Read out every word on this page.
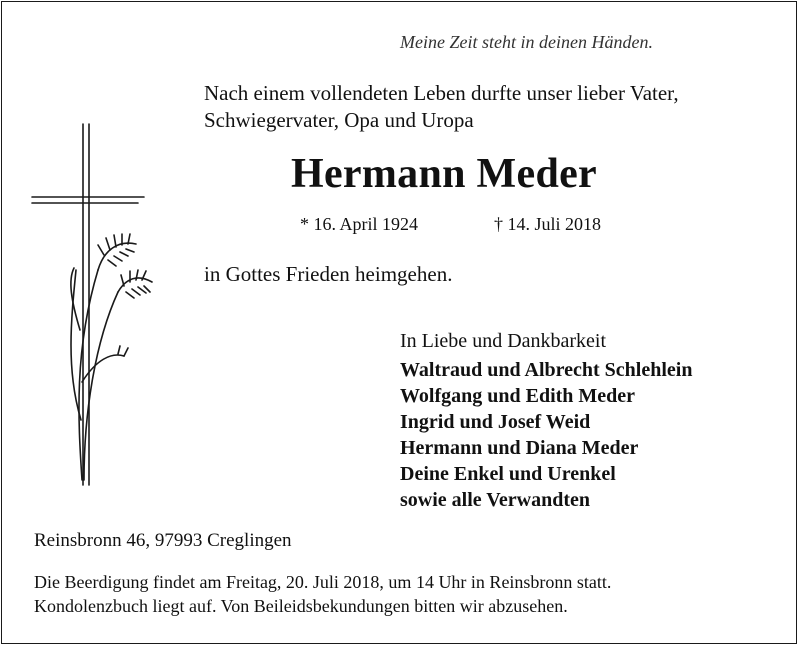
Meine Zeit steht in deinen Händen.
Nach einem vollendeten Leben durfte unser lieber Vater,
Schwiegervater, Opa und Uropa
Hermann Meder
* 16. April 1924	† 14. Juli 2018
in Gottes Frieden heimgehen.
In Liebe und Dankbarkeit
Waltraud und Albrecht Schlehlein
Wolfgang und Edith Meder
Ingrid und Josef Weid
Hermann und Diana Meder
Deine Enkel und Urenkel
sowie alle Verwandten
Reinsbronn 46, 97993 Creglingen
Die Beerdigung findet am Freitag, 20. Juli 2018, um 14 Uhr in Reinsbronn statt.
Kondolenzbuch liegt auf. Von Beileidsbekundungen bitten wir abzusehen.
